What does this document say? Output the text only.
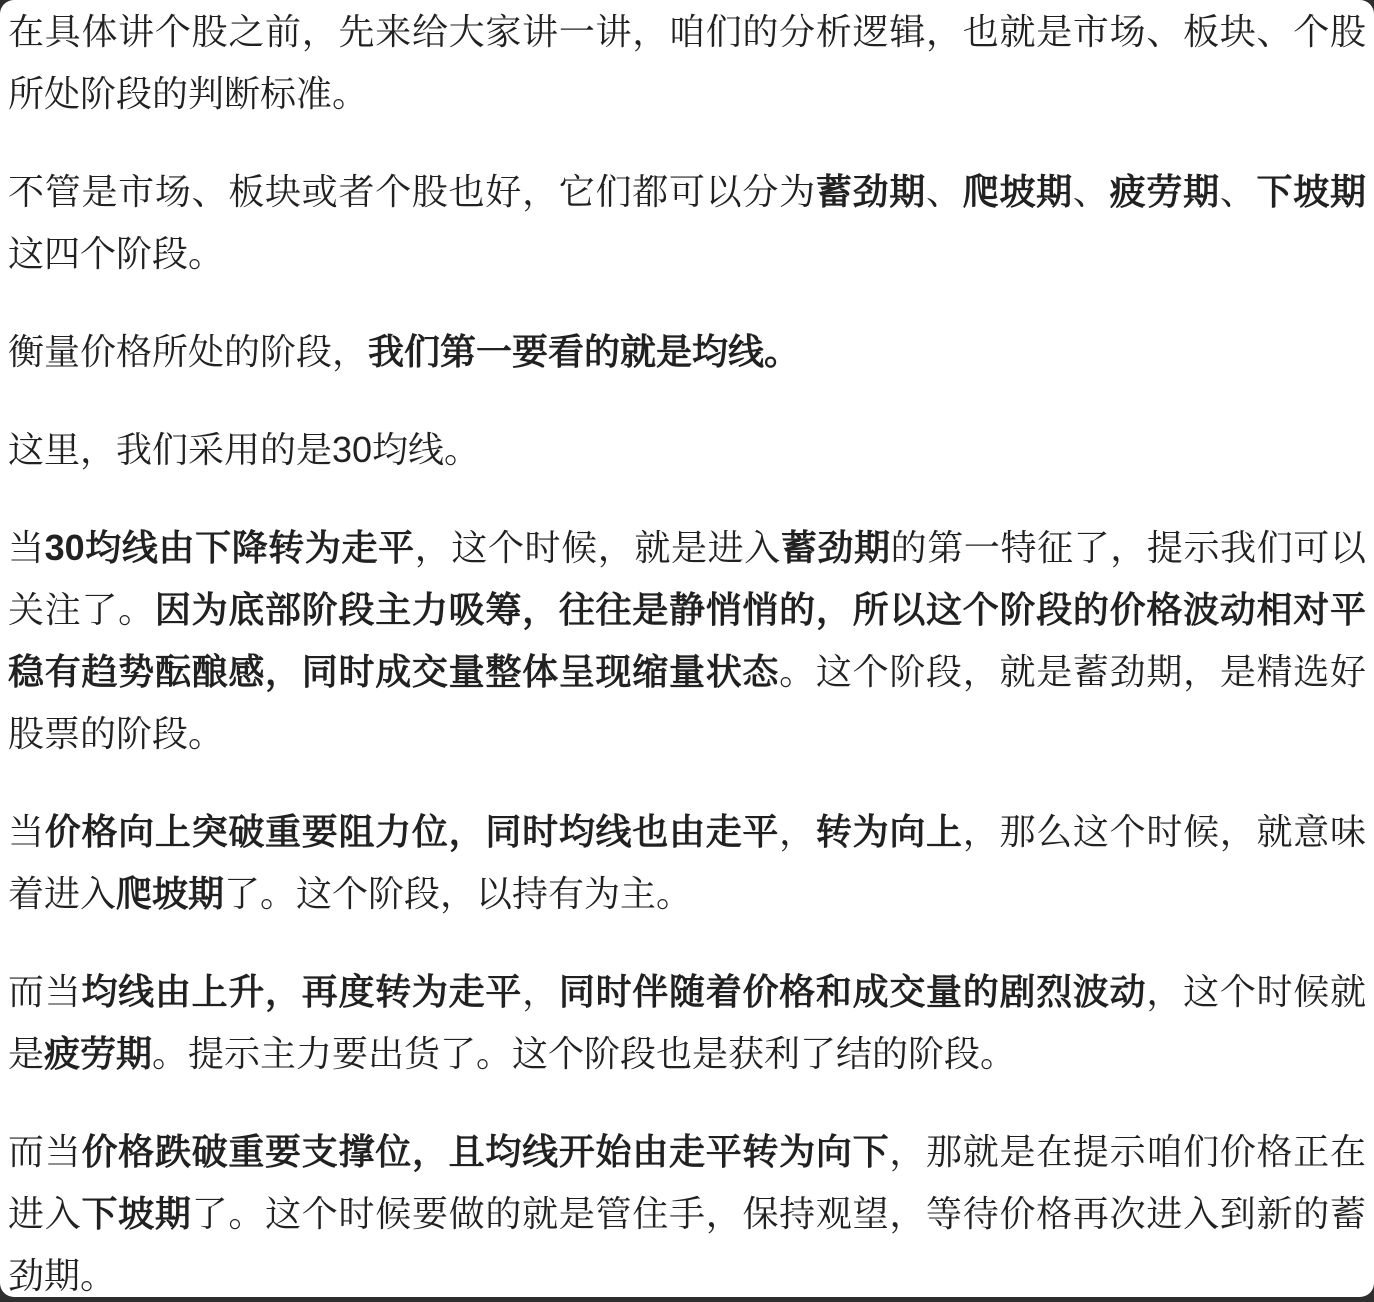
在具体讲个股之前，先来给大家讲一讲，咱们的分析逻辑，也就是市场、板块、个股所处阶段的判断标准。

不管是市场、板块或者个股也好，它们都可以分为蓄劲期、爬坡期、疲劳期、下坡期这四个阶段。

衡量价格所处的阶段，我们第一要看的就是均线。

这里，我们采用的是30均线。

当30均线由下降转为走平，这个时候，就是进入蓄劲期的第一特征了，提示我们可以关注了。因为底部阶段主力吸筹，往往是静悄悄的，所以这个阶段的价格波动相对平稳有趋势酝酿感，同时成交量整体呈现缩量状态。这个阶段，就是蓄劲期，是精选好股票的阶段。

当价格向上突破重要阻力位，同时均线也由走平，转为向上，那么这个时候，就意味着进入爬坡期了。这个阶段，以持有为主。

而当均线由上升，再度转为走平，同时伴随着价格和成交量的剧烈波动，这个时候就是疲劳期。提示主力要出货了。这个阶段也是获利了结的阶段。

而当价格跌破重要支撑位，且均线开始由走平转为向下，那就是在提示咱们价格正在进入下坡期了。这个时候要做的就是管住手，保持观望，等待价格再次进入到新的蓄劲期。
